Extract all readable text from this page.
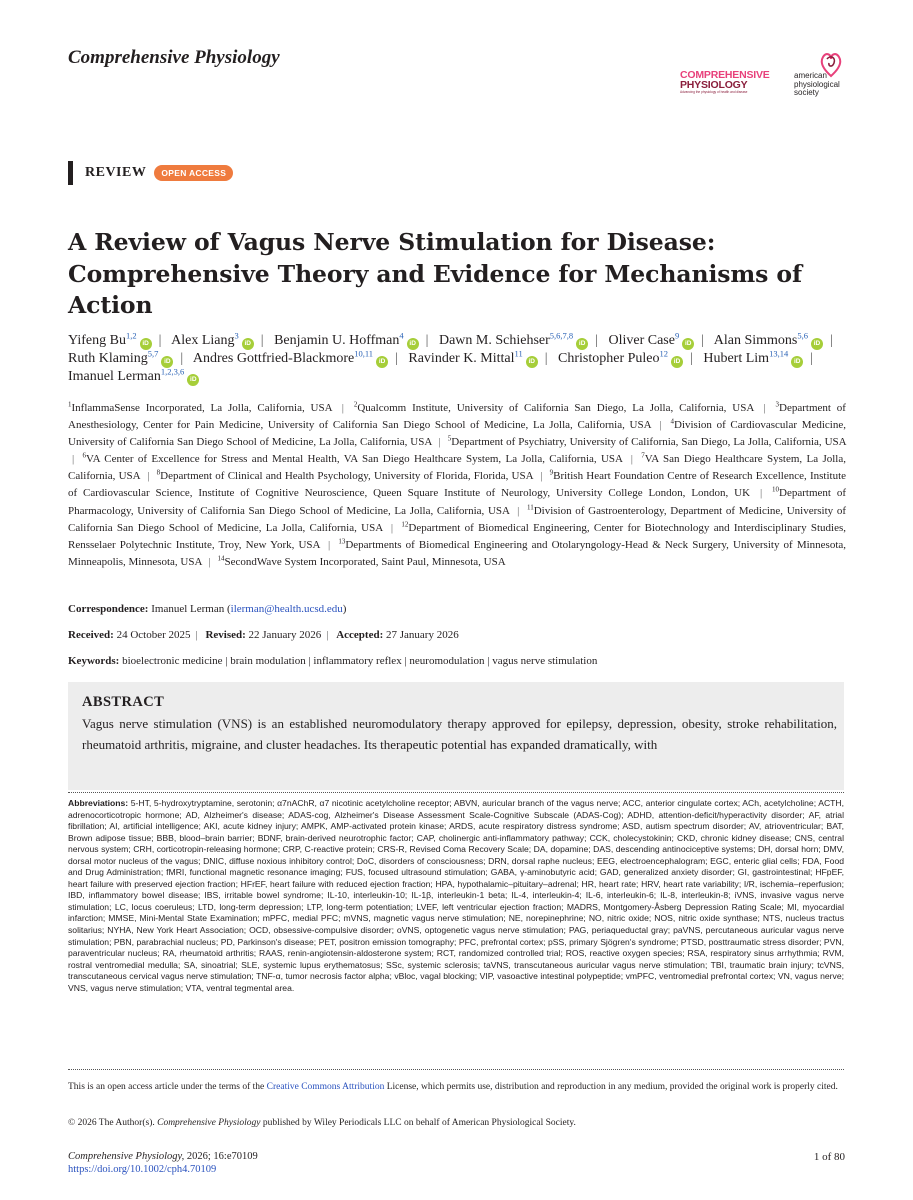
Comprehensive Physiology
COMPREHENSIVE
PHYSIOLOGY
Advancing the physiology of health and disease
american physiological society
REVIEW	OPEN ACCESS
A Review of Vagus Nerve Stimulation for Disease: Comprehensive Theory and Evidence for Mechanisms of Action
Yifeng Bu$^{1,2}$iD | Alex Liang$^3$iD | Benjamin U. Hoffman$^4$iD | Dawn M. Schiehser$^{5,6,7,8}$iD | Oliver Case$^9$iD | Alan Simmons$^{5,6}$iD | Ruth Klaming$^{5,7}$iD | Andres Gottfried-Blackmore$^{10,11}$iD | Ravinder K. Mittal$^{11}$iD | Christopher Puleo$^{12}$iD | Hubert Lim$^{13,14}$iD | Imanuel Lerman$^{1,2,3,6}$iD
$^1$InflammaSense Incorporated, La Jolla, California, USA | $^2$Qualcomm Institute, University of California San Diego, La Jolla, California, USA | $^3$Department of Anesthesiology, Center for Pain Medicine, University of California San Diego School of Medicine, La Jolla, California, USA | $^4$Division of Cardiovascular Medicine, University of California San Diego School of Medicine, La Jolla, California, USA | $^5$Department of Psychiatry, University of California, San Diego, La Jolla, California, USA | $^6$VA Center of Excellence for Stress and Mental Health, VA San Diego Healthcare System, La Jolla, California, USA | $^7$VA San Diego Healthcare System, La Jolla, California, USA | $^8$Department of Clinical and Health Psychology, University of Florida, Florida, USA | $^9$British Heart Foundation Centre of Research Excellence, Institute of Cardiovascular Science, Institute of Cognitive Neuroscience, Queen Square Institute of Neurology, University College London, London, UK | $^{10}$Department of Pharmacology, University of California San Diego School of Medicine, La Jolla, California, USA | $^{11}$Division of Gastroenterology, Department of Medicine, University of California San Diego School of Medicine, La Jolla, California, USA | $^{12}$Department of Biomedical Engineering, Center for Biotechnology and Interdisciplinary Studies, Rensselaer Polytechnic Institute, Troy, New York, USA | $^{13}$Departments of Biomedical Engineering and Otolaryngology-Head & Neck Surgery, University of Minnesota, Minneapolis, Minnesota, USA | $^{14}$SecondWave System Incorporated, Saint Paul, Minnesota, USA
Correspondence: Imanuel Lerman (ilerman@health.ucsd.edu)
Received: 24 October 2025 | Revised: 22 January 2026 | Accepted: 27 January 2026
Keywords: bioelectronic medicine | brain modulation | inflammatory reflex | neuromodulation | vagus nerve stimulation
ABSTRACT
Vagus nerve stimulation (VNS) is an established neuromodulatory therapy approved for epilepsy, depression, obesity, stroke rehabilitation, rheumatoid arthritis, migraine, and cluster headaches. Its therapeutic potential has expanded dramatically, with
Abbreviations: 5-HT, 5-hydroxytryptamine, serotonin; α7nAChR, α7 nicotinic acetylcholine receptor; ABVN, auricular branch of the vagus nerve; ACC, anterior cingulate cortex; ACh, acetylcholine; ACTH, adrenocorticotropic hormone; AD, Alzheimer's disease; ADAS-cog, Alzheimer's Disease Assessment Scale-Cognitive Subscale (ADAS-Cog); ADHD, attention-deficit/hyperactivity disorder; AF, atrial fibrillation; AI, artificial intelligence; AKI, acute kidney injury; AMPK, AMP-activated protein kinase; ARDS, acute respiratory distress syndrome; ASD, autism spectrum disorder; AV, atrioventricular; BAT, Brown adipose tissue; BBB, blood–brain barrier; BDNF, brain-derived neurotrophic factor; CAP, cholinergic anti-inflammatory pathway; CCK, cholecystokinin; CKD, chronic kidney disease; CNS, central nervous system; CRH, corticotropin-releasing hormone; CRP, C-reactive protein; CRS-R, Revised Coma Recovery Scale; DA, dopamine; DAS, descending antinociceptive systems; DH, dorsal horn; DMV, dorsal motor nucleus of the vagus; DNIC, diffuse noxious inhibitory control; DoC, disorders of consciousness; DRN, dorsal raphe nucleus; EEG, electroencephalogram; EGC, enteric glial cells; FDA, Food and Drug Administration; fMRI, functional magnetic resonance imaging; FUS, focused ultrasound stimulation; GABA, γ-aminobutyric acid; GAD, generalized anxiety disorder; GI, gastrointestinal; HFpEF, heart failure with preserved ejection fraction; HFrEF, heart failure with reduced ejection fraction; HPA, hypothalamic–pituitary–adrenal; HR, heart rate; HRV, heart rate variability; I/R, ischemia–reperfusion; IBD, inflammatory bowel disease; IBS, irritable bowel syndrome; IL-10, interleukin-10; IL-1β, interleukin-1 beta; IL-4, interleukin-4; IL-6, interleukin-6; IL-8, interleukin-8; iVNS, invasive vagus nerve stimulation; LC, locus coeruleus; LTD, long-term depression; LTP, long-term potentiation; LVEF, left ventricular ejection fraction; MADRS, Montgomery-Åsberg Depression Rating Scale; MI, myocardial infarction; MMSE, Mini-Mental State Examination; mPFC, medial PFC; mVNS, magnetic vagus nerve stimulation; NE, norepinephrine; NO, nitric oxide; NOS, nitric oxide synthase; NTS, nucleus tractus solitarius; NYHA, New York Heart Association; OCD, obsessive-compulsive disorder; oVNS, optogenetic vagus nerve stimulation; PAG, periaqueductal gray; paVNS, percutaneous auricular vagus nerve stimulation; PBN, parabrachial nucleus; PD, Parkinson's disease; PET, positron emission tomography; PFC, prefrontal cortex; pSS, primary Sjögren's syndrome; PTSD, posttraumatic stress disorder; PVN, paraventricular nucleus; RA, rheumatoid arthritis; RAAS, renin-angiotensin-aldosterone system; RCT, randomized controlled trial; ROS, reactive oxygen species; RSA, respiratory sinus arrhythmia; RVM, rostral ventromedial medulla; SA, sinoatrial; SLE, systemic lupus erythematosus; SSc, systemic sclerosis; taVNS, transcutaneous auricular vagus nerve stimulation; TBI, traumatic brain injury; tcVNS, transcutaneous cervical vagus nerve stimulation; TNF-α, tumor necrosis factor alpha; vBloc, vagal blocking; VIP, vasoactive intestinal polypeptide; vmPFC, ventromedial prefrontal cortex; VN, vagus nerve; VNS, vagus nerve stimulation; VTA, ventral tegmental area.
This is an open access article under the terms of the Creative Commons Attribution License, which permits use, distribution and reproduction in any medium, provided the original work is properly cited.
© 2026 The Author(s). Comprehensive Physiology published by Wiley Periodicals LLC on behalf of American Physiological Society.
Comprehensive Physiology, 2026; 16:e70109
https://doi.org/10.1002/cph4.70109
1 of 80
